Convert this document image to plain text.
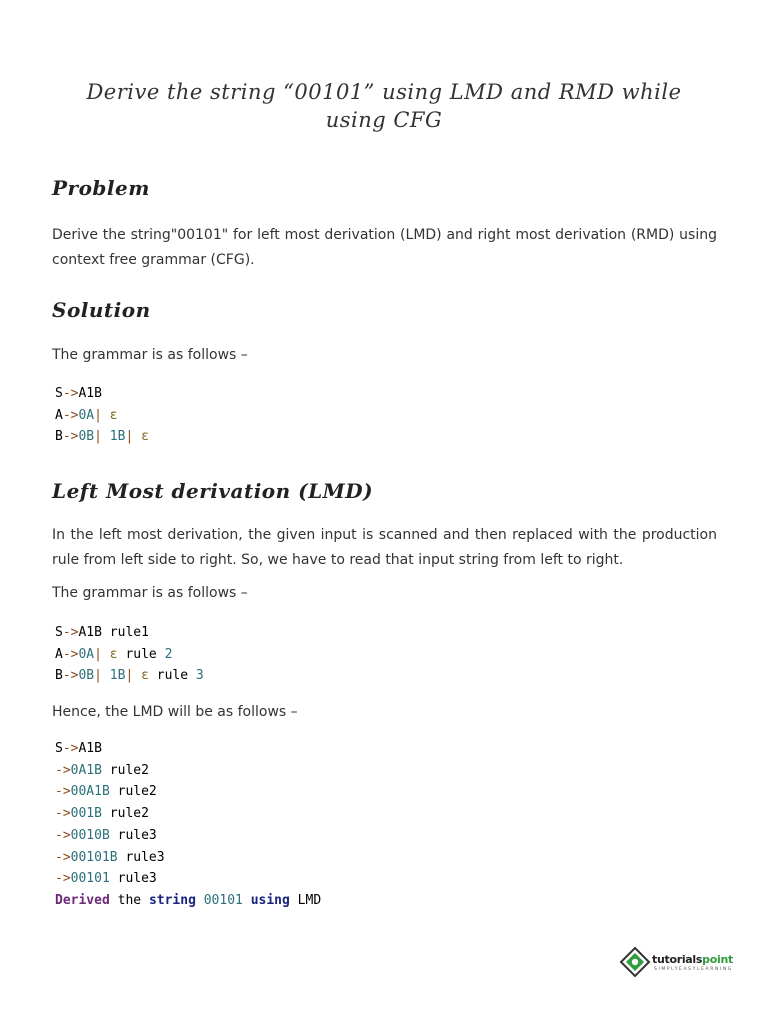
Derive the string “00101” using LMD and RMD while using CFG
Problem

Derive the string"00101" for left most derivation (LMD) and right most derivation (RMD) using context free grammar (CFG).

Solution

The grammar is as follows –

S->A1B
A->0A| ε
B->0B| 1B| ε
Left Most derivation (LMD)

In the left most derivation, the given input is scanned and then replaced with the production rule from left side to right. So, we have to read that input string from left to right.

The grammar is as follows –

S->A1B rule1
A->0A| ε rule 2
B->0B| 1B| ε rule 3

Hence, the LMD will be as follows –

S->A1B
->0A1B rule2
->00A1B rule2
->001B rule2
->0010B rule3
->00101B rule3
->00101 rule3
Derived the string 00101 using LMD
tutorialspoint
SIMPLYEASYLEARNING
